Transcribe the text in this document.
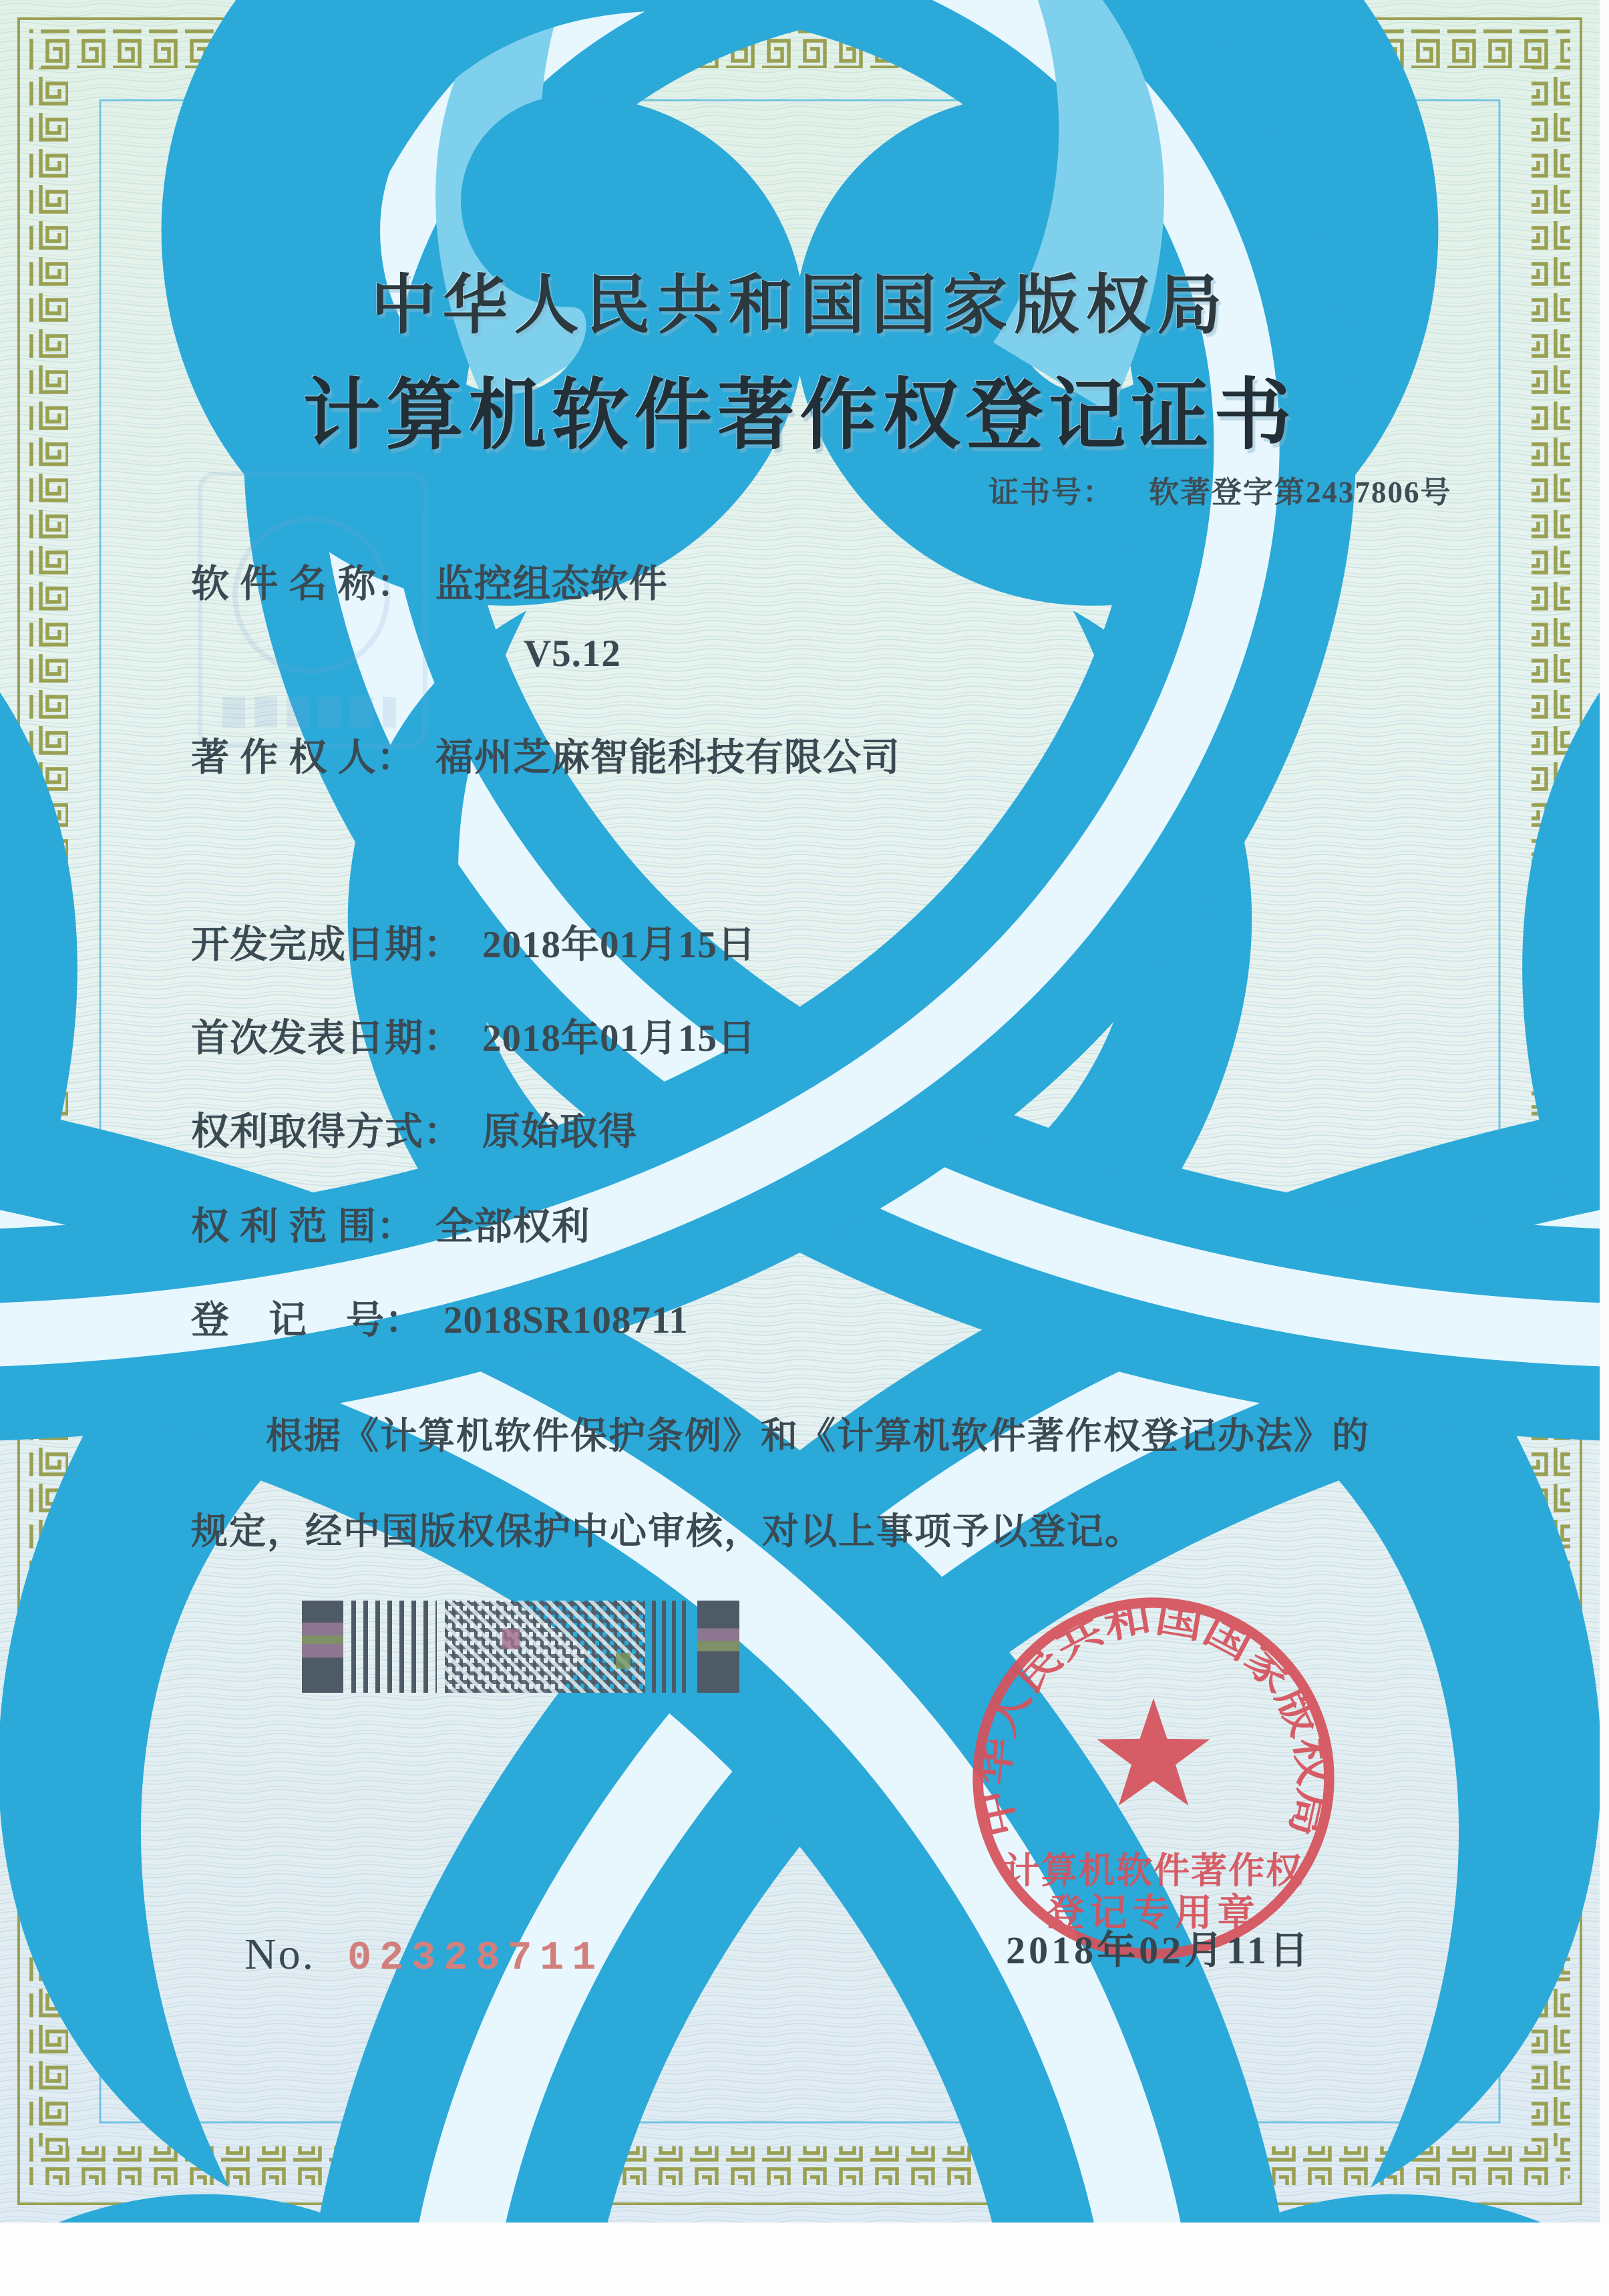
中华人民共和国国家版权局
计算机软件著作权登记证书
证书号： 软著登字第2437806号
软 件 名 称： 监控组态软件
V5.12
著 作 权 人： 福州芝麻智能科技有限公司
开发完成日期： 2018年01月15日
首次发表日期： 2018年01月15日
权利取得方式： 原始取得
权 利 范 围： 全部权利
登　记　号： 2018SR108711
根据《计算机软件保护条例》和《计算机软件著作权登记办法》的
规定，经中国版权保护中心审核，对以上事项予以登记。
中华人民共和国国家版权局
计算机软件著作权
登记专用章
2018年02月11日
No. 02328711
